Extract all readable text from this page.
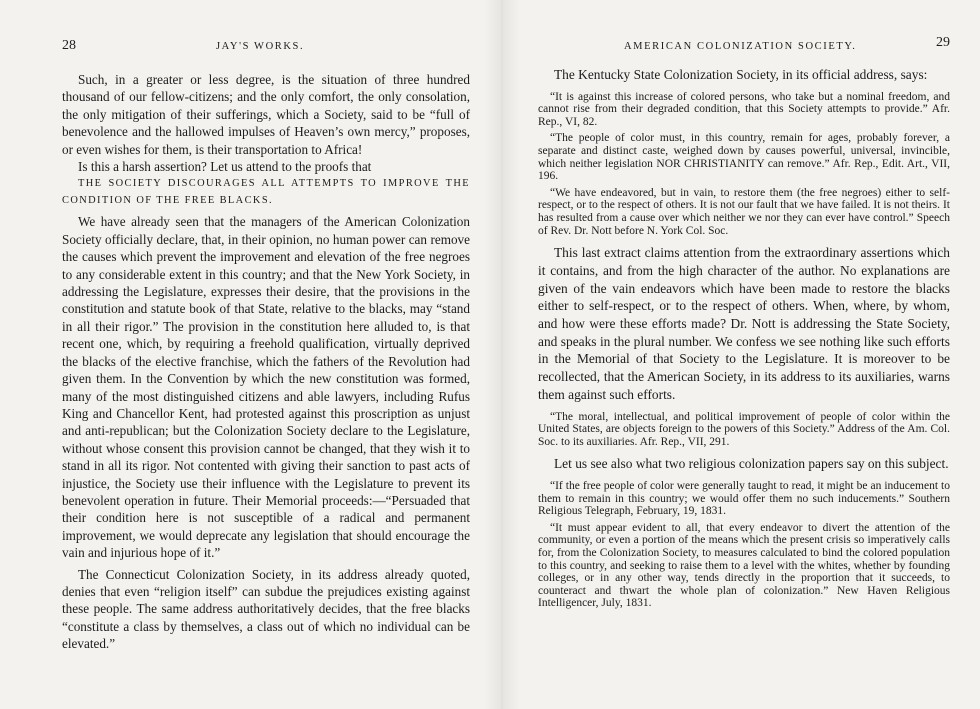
28	JAY'S WORKS.

Such, in a greater or less degree, is the situation of three hundred thousand of our fellow-citizens; and the only comfort, the only consolation, the only mitigation of their sufferings, which a Society, said to be “full of benevolence and the hallowed impulses of Heaven’s own mercy,” proposes, or even wishes for them, is their transportation to Africa!

Is this a harsh assertion? Let us attend to the proofs that

THE SOCIETY DISCOURAGES ALL ATTEMPTS TO IMPROVE THE CONDITION OF THE FREE BLACKS.

We have already seen that the managers of the American Colonization Society officially declare, that, in their opinion, no human power can remove the causes which prevent the improvement and elevation of the free negroes to any considerable extent in this country; and that the New York Society, in addressing the Legislature, expresses their desire, that the provisions in the constitution and statute book of that State, relative to the blacks, may “stand in all their rigor.” The provision in the constitution here alluded to, is that recent one, which, by requiring a freehold qualification, virtually deprived the blacks of the elective franchise, which the fathers of the Revolution had given them. In the Convention by which the new constitution was formed, many of the most distinguished citizens and able lawyers, including Rufus King and Chancellor Kent, had protested against this proscription as unjust and anti-republican; but the Colonization Society declare to the Legislature, without whose consent this provision cannot be changed, that they wish it to stand in all its rigor. Not contented with giving their sanction to past acts of injustice, the Society use their influence with the Legislature to prevent its benevolent operation in future. Their Memorial proceeds:—“Persuaded that their condition here is not susceptible of a radical and permanent improvement, we would deprecate any legislation that should encourage the vain and injurious hope of it.”

The Connecticut Colonization Society, in its address already quoted, denies that even “religion itself” can subdue the prejudices existing against these people. The same address authoritatively decides, that the free blacks “constitute a class by themselves, a class out of which no individual can be elevated.”

AMERICAN COLONIZATION SOCIETY.	29

The Kentucky State Colonization Society, in its official address, says:

“It is against this increase of colored persons, who take but a nominal freedom, and cannot rise from their degraded condition, that this Society attempts to provide.” Afr. Rep., VI, 82.

“The people of color must, in this country, remain for ages, probably forever, a separate and distinct caste, weighed down by causes powerful, universal, invincible, which neither legislation NOR CHRISTIANITY can remove.” Afr. Rep., Edit. Art., VII, 196.

“We have endeavored, but in vain, to restore them (the free negroes) either to self-respect, or to the respect of others. It is not our fault that we have failed. It is not theirs. It has resulted from a cause over which neither we nor they can ever have control.” Speech of Rev. Dr. Nott before N. York Col. Soc.

This last extract claims attention from the extraordinary assertions which it contains, and from the high character of the author. No explanations are given of the vain endeavors which have been made to restore the blacks either to self-respect, or to the respect of others. When, where, by whom, and how were these efforts made? Dr. Nott is addressing the State Society, and speaks in the plural number. We confess we see nothing like such efforts in the Memorial of that Society to the Legislature. It is moreover to be recollected, that the American Society, in its address to its auxiliaries, warns them against such efforts.

“The moral, intellectual, and political improvement of people of color within the United States, are objects foreign to the powers of this Society.” Address of the Am. Col. Soc. to its auxiliaries. Afr. Rep., VII, 291.

Let us see also what two religious colonization papers say on this subject.

“If the free people of color were generally taught to read, it might be an inducement to them to remain in this country; we would offer them no such inducements.” Southern Religious Telegraph, February, 19, 1831.

“It must appear evident to all, that every endeavor to divert the attention of the community, or even a portion of the means which the present crisis so imperatively calls for, from the Colonization Society, to measures calculated to bind the colored population to this country, and seeking to raise them to a level with the whites, whether by founding colleges, or in any other way, tends directly in the proportion that it succeeds, to counteract and thwart the whole plan of colonization.” New Haven Religious Intelligencer, July, 1831.
